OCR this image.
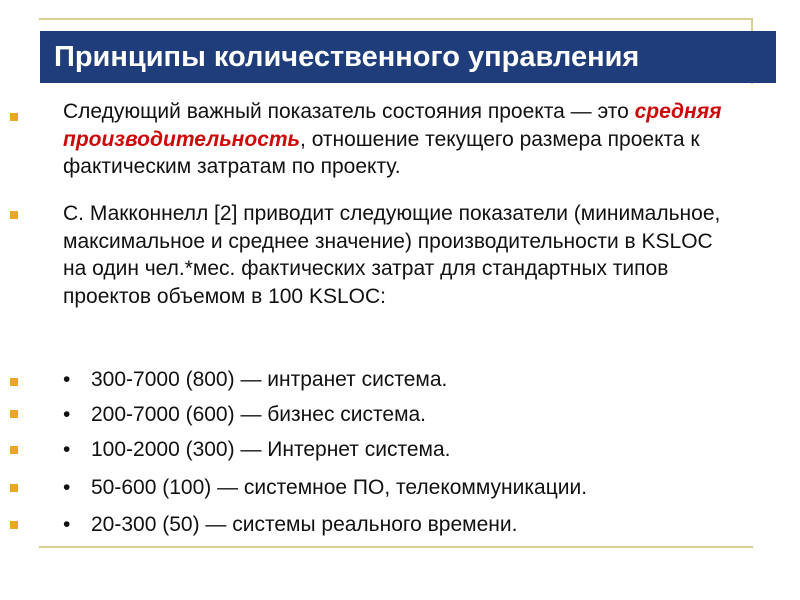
Принципы количественного управления
Следующий важный показатель состояния проекта — это средняя производительность, отношение текущего размера проекта к фактическим затратам по проекту.
С. Макконнелл [2] приводит следующие показатели (минимальное, максимальное и среднее значение) производительности в KSLOC на один чел.*мес. фактических затрат для стандартных типов проектов объемом в 100 KSLOC:
• 300-7000 (800) — интранет система.
• 200-7000 (600) — бизнес система.
• 100-2000 (300) — Интернет система.
• 50-600 (100) — системное ПО, телекоммуникации.
• 20-300 (50) — системы реального времени.
